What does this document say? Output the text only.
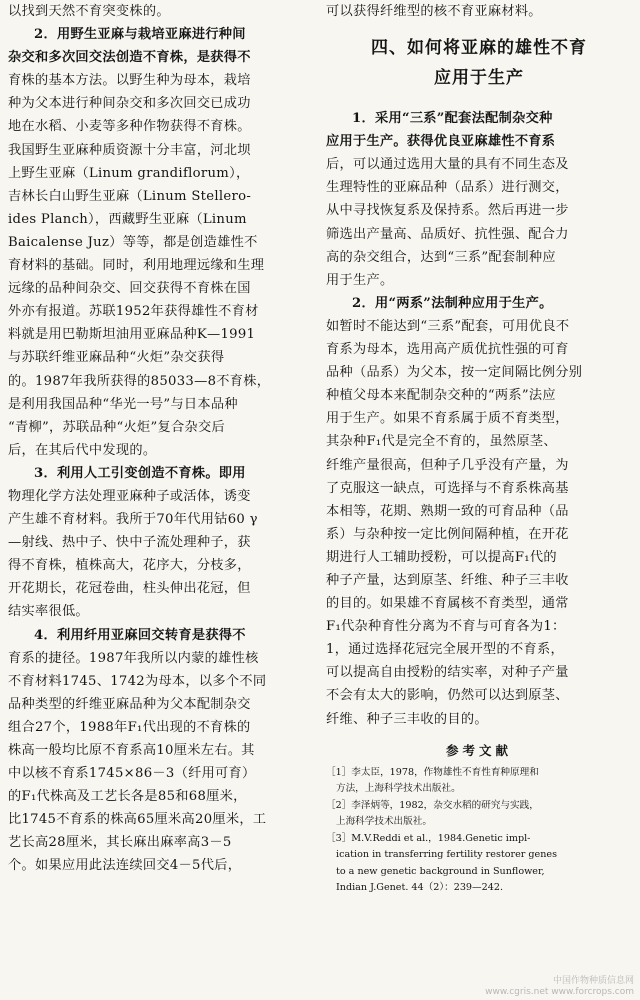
以找到天然不育突变株的。
2．用野生亚麻与栽培亚麻进行种间
杂交和多次回交法创造不育株，是获得不
育株的基本方法。以野生种为母本，栽培
种为父本进行种间杂交和多次回交已成功
地在水稻、小麦等多种作物获得不育株。
我国野生亚麻种质资源十分丰富，河北坝
上野生亚麻（Linum grandiflorum），
吉林长白山野生亚麻（Linum Stellero-
ides Planch），西藏野生亚麻（Linum
Baicalense Juz）等等，都是创造雄性不
育材料的基础。同时，利用地理远缘和生理
远缘的品种间杂交、回交获得不育株在国
外亦有报道。苏联1952年获得雄性不育材
料就是用巴勒斯坦油用亚麻品种K—1991
与苏联纤维亚麻品种“火炬”杂交获得
的。1987年我所获得的85033—8不育株，
是利用我国品种“华光一号”与日本品种
“青柳”，苏联品种“火炬”复合杂交后
后，在其后代中发现的。
3．利用人工引变创造不育株。即用
物理化学方法处理亚麻种子或活体，诱变
产生雄不育材料。我所于70年代用钴60 γ
—射线、热中子、快中子流处理种子，获
得不育株，植株高大，花序大，分枝多，
开花期长，花冠卷曲，柱头伸出花冠，但
结实率很低。
4．利用纤用亚麻回交转育是获得不
育系的捷径。1987年我所以内蒙的雄性核
不育材料1745、1742为母本，以多个不同
品种类型的纤维亚麻品种为父本配制杂交
组合27个，1988年F₁代出现的不育株的
株高一般均比原不育系高10厘米左右。其
中以核不育系1745×86－3（纤用可育）
的F₁代株高及工艺长各是85和68厘米，
比1745不育系的株高65厘米高20厘米，工
艺长高28厘米，其长麻出麻率高3－5
个。如果应用此法连续回交4－5代后，
可以获得纤维型的核不育亚麻材料。
四、如何将亚麻的雄性不育
应用于生产
1．采用“三系”配套法配制杂交种
应用于生产。获得优良亚麻雄性不育系
后，可以通过选用大量的具有不同生态及
生理特性的亚麻品种（品系）进行测交，
从中寻找恢复系及保持系。然后再进一步
筛选出产量高、品质好、抗性强、配合力
高的杂交组合，达到“三系”配套制种应
用于生产。
2．用“两系”法制种应用于生产。
如暂时不能达到“三系”配套，可用优良不
育系为母本，选用高产质优抗性强的可育
品种（品系）为父本，按一定间隔比例分别
种植父母本来配制杂交种的“两系”法应
用于生产。如果不育系属于质不育类型，
其杂种F₁代是完全不育的，虽然原茎、
纤维产量很高，但种子几乎没有产量，为
了克服这一缺点，可选择与不育系株高基
本相等，花期、熟期一致的可育品种（品
系）与杂种按一定比例间隔种植，在开花
期进行人工辅助授粉，可以提高F₁代的
种子产量，达到原茎、纤维、种子三丰收
的目的。如果雄不育属核不育类型，通常
F₁代杂种育性分离为不育与可育各为1：
1，通过选择花冠完全展开型的不育系，
可以提高自由授粉的结实率，对种子产量
不会有太大的影响，仍然可以达到原茎、
纤维、种子三丰收的目的。
参考文献
［1］李太臣，1978，作物雄性不育性育种原理和
方法，上海科学技术出版社。
［2］李泽炳等，1982，杂交水稻的研究与实践，
上海科学技术出版社。
［3］M.V.Reddi et al.，1984.Genetic impl-
ication in transferring fertility restorer genes
to a new genetic background in Sunflower,
Indian J.Genet. 44（2）：239—242.
中国作物种质信息网
www.cgris.net www.forcrops.com
